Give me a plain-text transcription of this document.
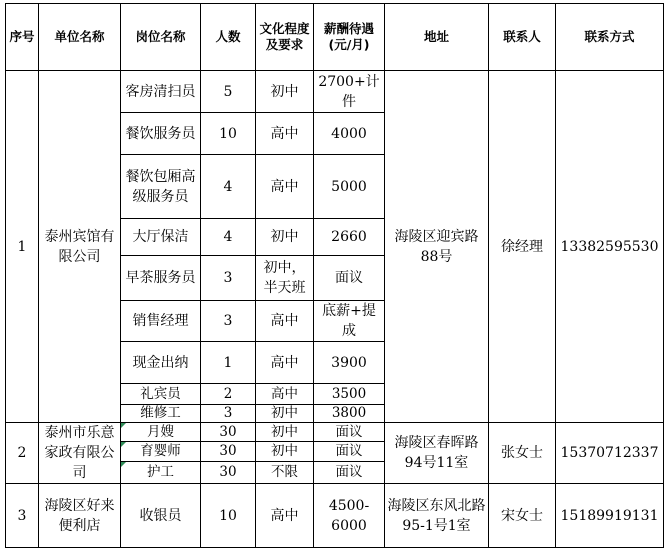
序号	单位名称	岗位名称	人数	文化程度及要求	薪酬待遇(元/月)	地址	联系人	联系方式
1	泰州宾馆有限公司	客房清扫员	5	初中	2700+计件	海陵区迎宾路88号	徐经理	13382595530
		餐饮服务员	10	高中	4000			
		餐饮包厢高级服务员	4	高中	5000			
		大厅保洁	4	初中	2660			
		早茶服务员	3	初中，半天班	面议			
		销售经理	3	高中	底薪+提成			
		现金出纳	1	高中	3900			
		礼宾员	2	高中	3500			
		维修工	3	初中	3800			
2	泰州市乐意家政有限公司	月嫂	30	初中	面议	海陵区春晖路94号11室	张女士	15370712337
		育婴师	30	初中	面议			
		护工	30	不限	面议			
3	海陵区好来便利店	收银员	10	高中	4500-6000	海陵区东风北路95-1号1室	宋女士	15189919131
